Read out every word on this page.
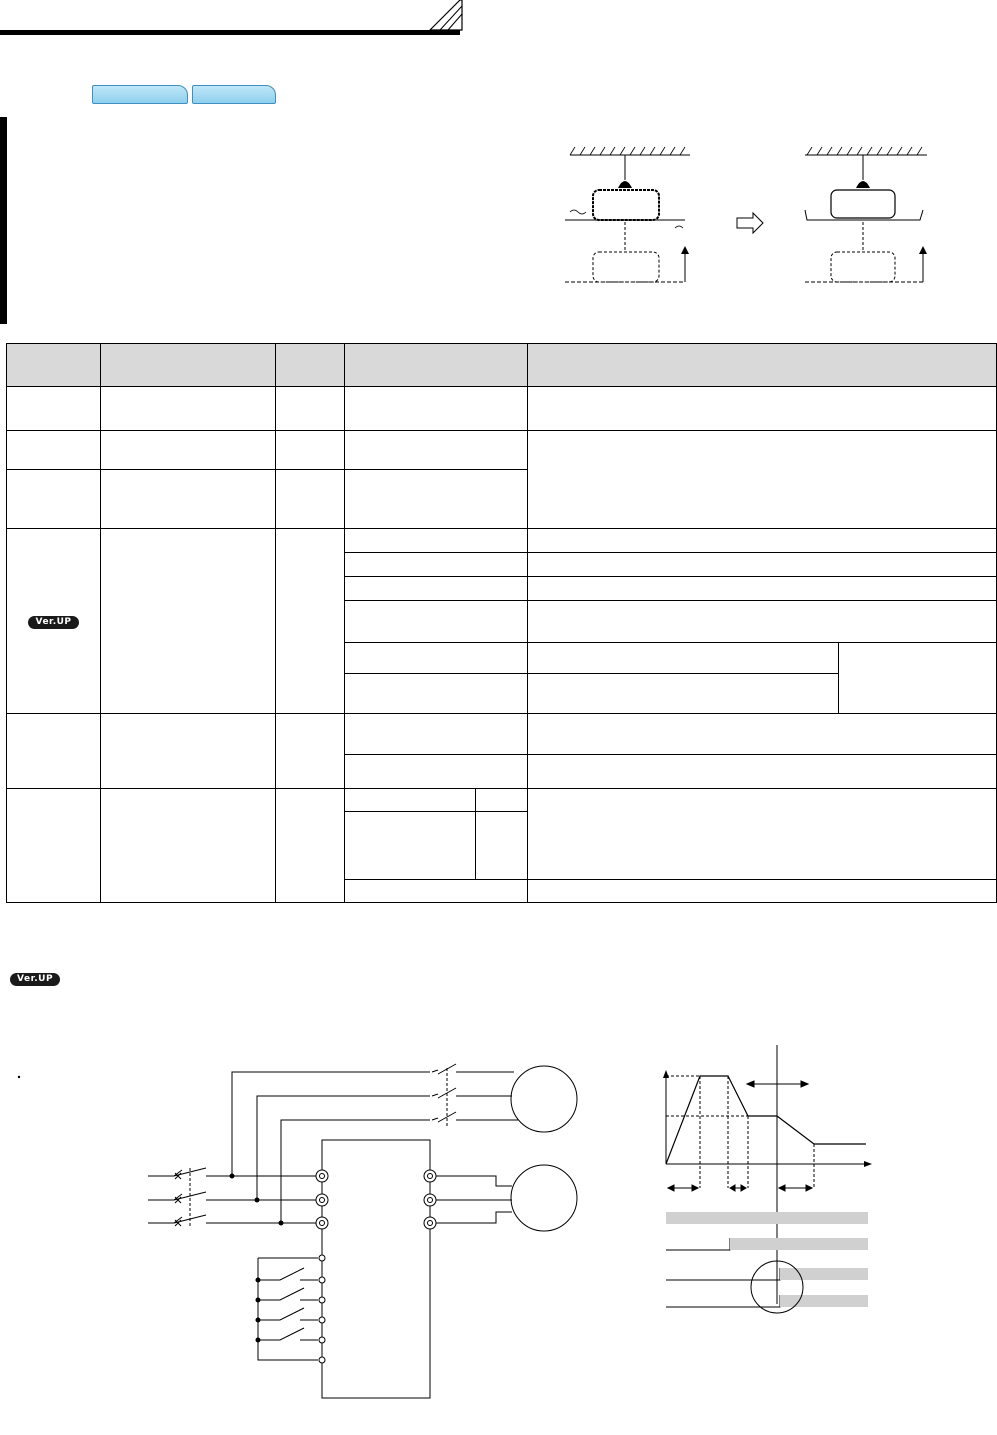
Ver.UP						

Ver.UP
